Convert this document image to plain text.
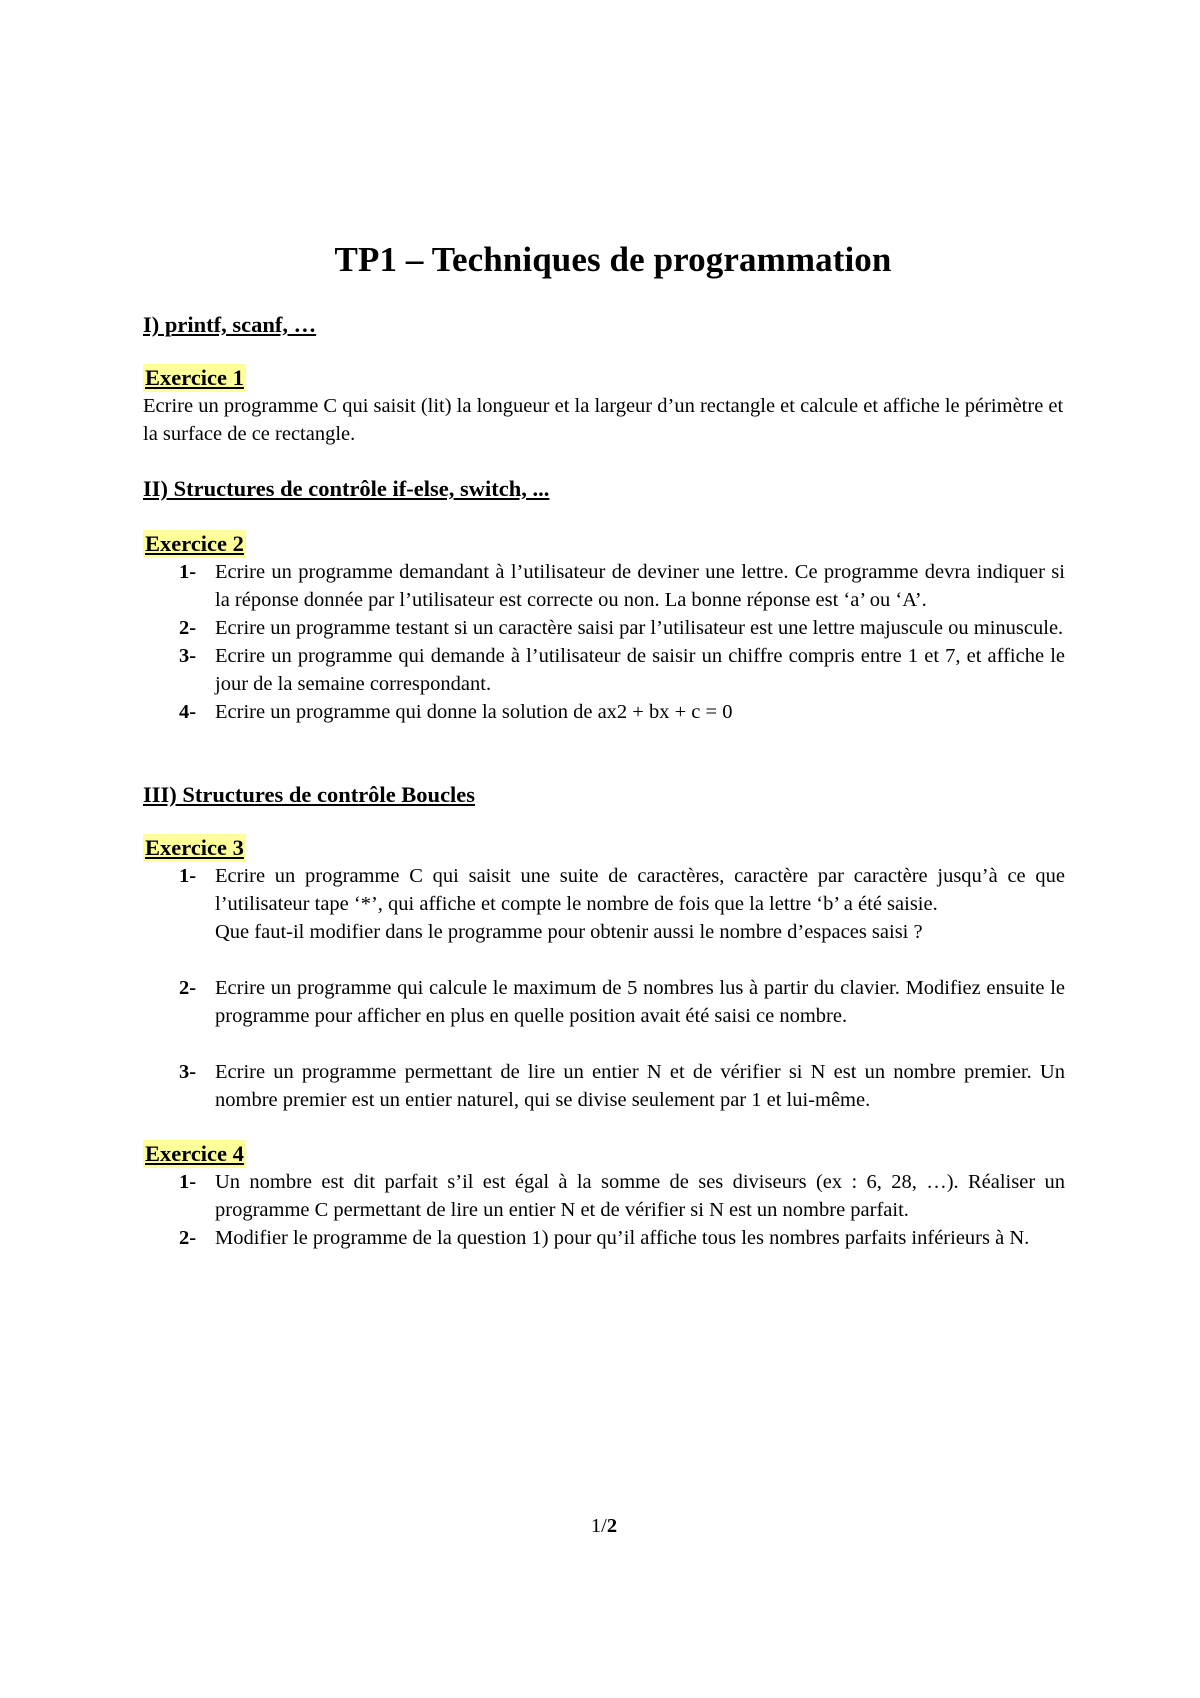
TP1 – Techniques de programmation
I) printf, scanf, …
Exercice 1

Ecrire un programme C qui saisit (lit) la longueur et la largeur d’un rectangle et calcule et affiche le périmètre et la surface de ce rectangle.

II) Structures de contrôle if-else, switch, ...
Exercice 2
1- Ecrire un programme demandant à l’utilisateur de deviner une lettre. Ce programme devra indiquer si la réponse donnée par l’utilisateur est correcte ou non. La bonne réponse est ‘a’ ou ‘A’.
2- Ecrire un programme testant si un caractère saisi par l’utilisateur est une lettre majuscule ou minuscule.
3- Ecrire un programme qui demande à l’utilisateur de saisir un chiffre compris entre 1 et 7, et affiche le jour de la semaine correspondant.
4- Ecrire un programme qui donne la solution de ax2 + bx + c = 0
III) Structures de contrôle Boucles
Exercice 3
1- Ecrire un programme C qui saisit une suite de caractères, caractère par caractère jusqu’à ce que l’utilisateur tape ‘*’, qui affiche et compte le nombre de fois que la lettre ‘b’ a été saisie.
Que faut-il modifier dans le programme pour obtenir aussi le nombre d’espaces saisi ?
2- Ecrire un programme qui calcule le maximum de 5 nombres lus à partir du clavier. Modifiez ensuite le programme pour afficher en plus en quelle position avait été saisi ce nombre.
3- Ecrire un programme permettant de lire un entier N et de vérifier si N est un nombre premier. Un nombre premier est un entier naturel, qui se divise seulement par 1 et lui-même.
Exercice 4
1- Un nombre est dit parfait s’il est égal à la somme de ses diviseurs (ex : 6, 28, …). Réaliser un programme C permettant de lire un entier N et de vérifier si N est un nombre parfait.
2- Modifier le programme de la question 1) pour qu’il affiche tous les nombres parfaits inférieurs à N.
1/2
